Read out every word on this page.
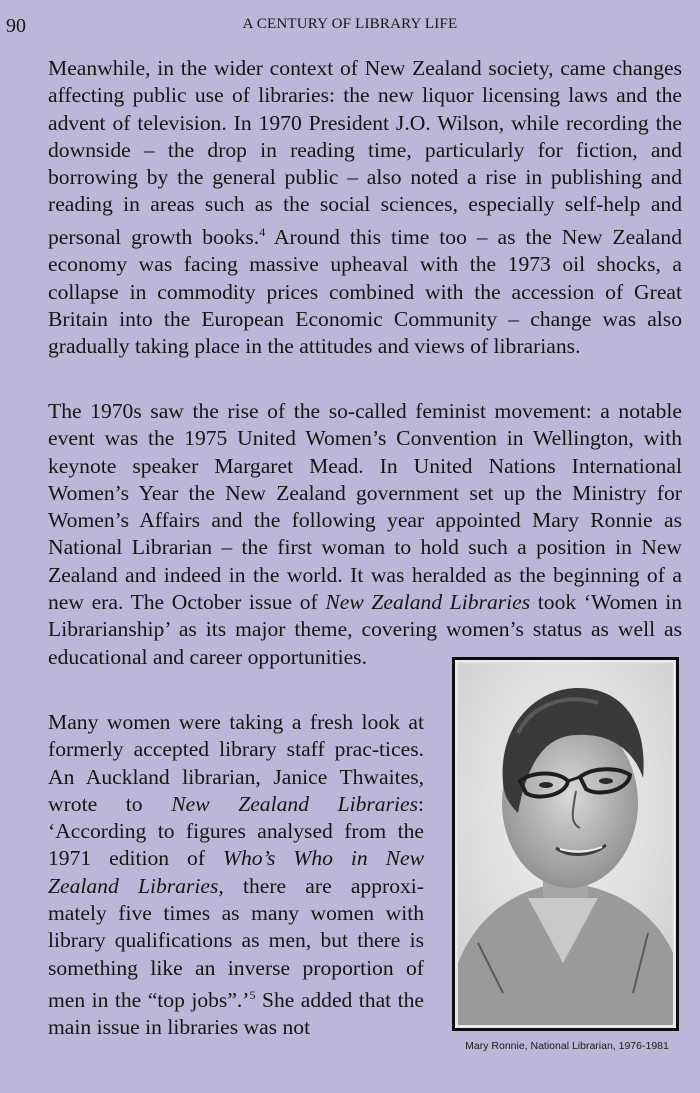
90	A CENTURY OF LIBRARY LIFE

Meanwhile, in the wider context of New Zealand society, came changes affecting public use of libraries: the new liquor licensing laws and the advent of television. In 1970 President J.O. Wilson, while recording the downside – the drop in reading time, particularly for fiction, and borrowing by the general public – also noted a rise in publishing and reading in areas such as the social sciences, especially self-help and personal growth books.$^4$ Around this time too – as the New Zealand economy was facing massive upheaval with the 1973 oil shocks, a collapse in commodity prices combined with the accession of Great Britain into the European Economic Community – change was also gradually taking place in the attitudes and views of librarians.

The 1970s saw the rise of the so-called feminist movement: a notable event was the 1975 United Women’s Convention in Wellington, with keynote speaker Margaret Mead. In United Nations International Women’s Year the New Zealand government set up the Ministry for Women’s Affairs and the following year appointed Mary Ronnie as National Librarian – the first woman to hold such a position in New Zealand and indeed in the world. It was heralded as the beginning of a new era. The October issue of New Zealand Libraries took ‘Women in Librarianship’ as its major theme, covering women’s status as well as educational and career opportunities.

Many women were taking a fresh look at formerly accepted library staff prac-tices. An Auckland librarian, Janice Thwaites, wrote to New Zealand Libraries: ‘According to figures analysed from the 1971 edition of Who’s Who in New Zealand Libraries, there are approxi-mately five times as many women with library qualifications as men, but there is something like an inverse proportion of men in the “top jobs”.’$^5$ She added that the main issue in libraries was not

Mary Ronnie, National Librarian, 1976-1981
